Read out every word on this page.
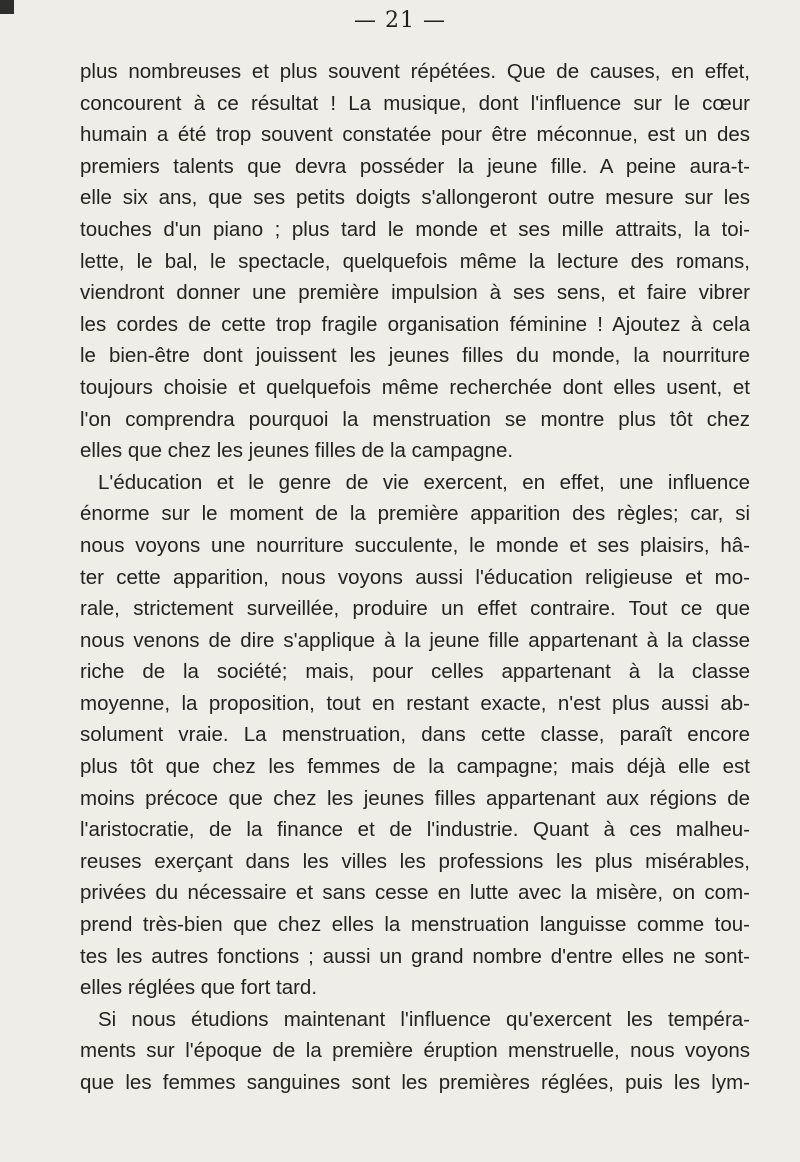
— 21 —
plus nombreuses et plus souvent répétées. Que de causes, en effet,
concourent à ce résultat ! La musique, dont l'influence sur le cœur
humain a été trop souvent constatée pour être méconnue, est un des
premiers talents que devra posséder la jeune fille. A peine aura-t-
elle six ans, que ses petits doigts s'allongeront outre mesure sur les
touches d'un piano ; plus tard le monde et ses mille attraits, la toi-
lette, le bal, le spectacle, quelquefois même la lecture des romans,
viendront donner une première impulsion à ses sens, et faire vibrer
les cordes de cette trop fragile organisation féminine ! Ajoutez à cela
le bien-être dont jouissent les jeunes filles du monde, la nourriture
toujours choisie et quelquefois même recherchée dont elles usent, et
l'on comprendra pourquoi la menstruation se montre plus tôt chez
elles que chez les jeunes filles de la campagne.
L'éducation et le genre de vie exercent, en effet, une influence
énorme sur le moment de la première apparition des règles; car, si
nous voyons une nourriture succulente, le monde et ses plaisirs, hâ-
ter cette apparition, nous voyons aussi l'éducation religieuse et mo-
rale, strictement surveillée, produire un effet contraire. Tout ce que
nous venons de dire s'applique à la jeune fille appartenant à la classe
riche de la société; mais, pour celles appartenant à la classe
moyenne, la proposition, tout en restant exacte, n'est plus aussi ab-
solument vraie. La menstruation, dans cette classe, paraît encore
plus tôt que chez les femmes de la campagne; mais déjà elle est
moins précoce que chez les jeunes filles appartenant aux régions de
l'aristocratie, de la finance et de l'industrie. Quant à ces malheu-
reuses exerçant dans les villes les professions les plus misérables,
privées du nécessaire et sans cesse en lutte avec la misère, on com-
prend très-bien que chez elles la menstruation languisse comme tou-
tes les autres fonctions ; aussi un grand nombre d'entre elles ne sont-
elles réglées que fort tard.
Si nous étudions maintenant l'influence qu'exercent les tempéra-
ments sur l'époque de la première éruption menstruelle, nous voyons
que les femmes sanguines sont les premières réglées, puis les lym-
